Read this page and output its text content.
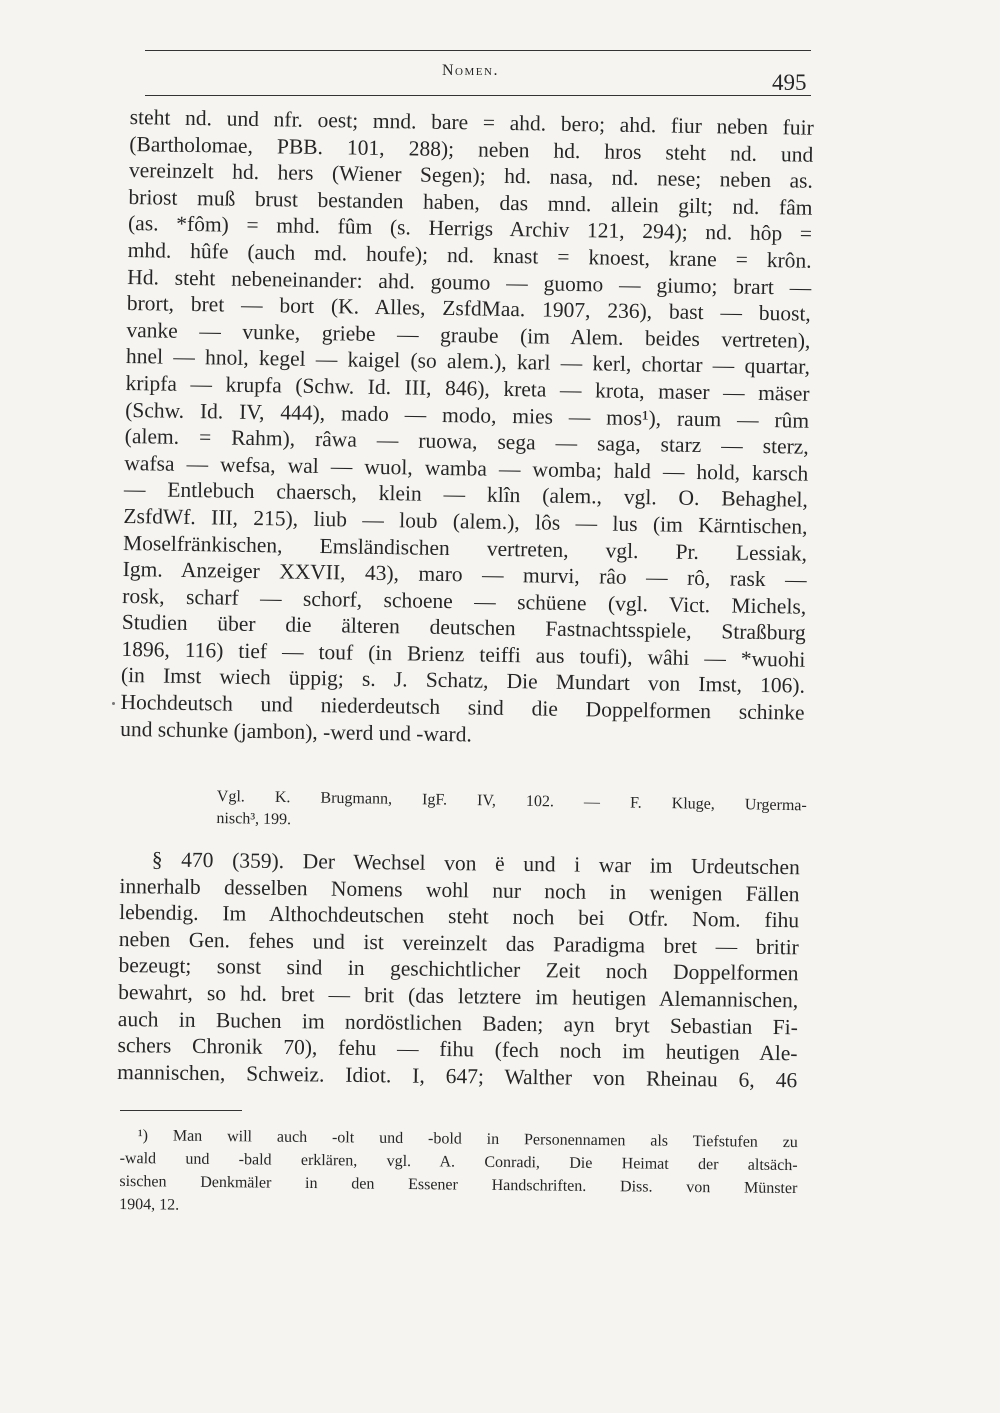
Nomen.	495
steht nd. und nfr. oest; mnd. bare = ahd. bero; ahd. fiur neben fuir
(Bartholomae, PBB. 101, 288); neben hd. hros steht nd. und
vereinzelt hd. hers (Wiener Segen); hd. nasa, nd. nese; neben as.
briost muß brust bestanden haben, das mnd. allein gilt; nd. fâm
(as. *fôm) = mhd. fûm (s. Herrigs Archiv 121, 294); nd. hôp =
mhd. hûfe (auch md. houfe); nd. knast = knoest, krane = krôn.
Hd. steht nebeneinander: ahd. goumo — guomo — giumo; brart —
brort, bret — bort (K. Alles, ZsfdMaa. 1907, 236), bast — buost,
vanke — vunke, griebe — graube (im Alem. beides vertreten),
hnel — hnol, kegel — kaigel (so alem.), karl — kerl, chortar — quartar,
kripfa — krupfa (Schw. Id. III, 846), kreta — krota, maser — mäser
(Schw. Id. IV, 444), mado — modo, mies — mos¹), raum — rûm
(alem. = Rahm), râwa — ruowa, sega — saga, starz — sterz,
wafsa — wefsa, wal — wuol, wamba — womba; hald — hold, karsch
— Entlebuch chaersch, klein — klîn (alem., vgl. O. Behaghel,
ZsfdWf. III, 215), liub — loub (alem.), lôs — lus (im Kärntischen,
Moselfränkischen, Emsländischen vertreten, vgl. Pr. Lessiak,
Igm. Anzeiger XXVII, 43), maro — murvi, râo — rô, rask —
rosk, scharf — schorf, schoene — schüene (vgl. Vict. Michels,
Studien über die älteren deutschen Fastnachtsspiele, Straßburg
1896, 116) tief — touf (in Brienz teiffi aus toufi), wâhi — *wuohi
(in Imst wiech üppig; s. J. Schatz, Die Mundart von Imst, 106).
Hochdeutsch und niederdeutsch sind die Doppelformen schinke
und schunke (jambon), -werd und -ward.
Vgl. K. Brugmann, IgF. IV, 102. — F. Kluge, Urgerma-
nisch³, 199.
§ 470 (359). Der Wechsel von ë und i war im Urdeutschen
innerhalb desselben Nomens wohl nur noch in wenigen Fällen
lebendig. Im Althochdeutschen steht noch bei Otfr. Nom. fihu
neben Gen. fehes und ist vereinzelt das Paradigma bret — britir
bezeugt; sonst sind in geschichtlicher Zeit noch Doppelformen
bewahrt, so hd. bret — brit (das letztere im heutigen Alemannischen,
auch in Buchen im nordöstlichen Baden; ayn bryt Sebastian Fi-
schers Chronik 70), fehu — fihu (fech noch im heutigen Ale-
mannischen, Schweiz. Idiot. I, 647; Walther von Rheinau 6, 46
¹) Man will auch -olt und -bold in Personennamen als Tiefstufen zu
-wald und -bald erklären, vgl. A. Conradi, Die Heimat der altsäch-
sischen Denkmäler in den Essener Handschriften. Diss. von Münster
1904, 12.
